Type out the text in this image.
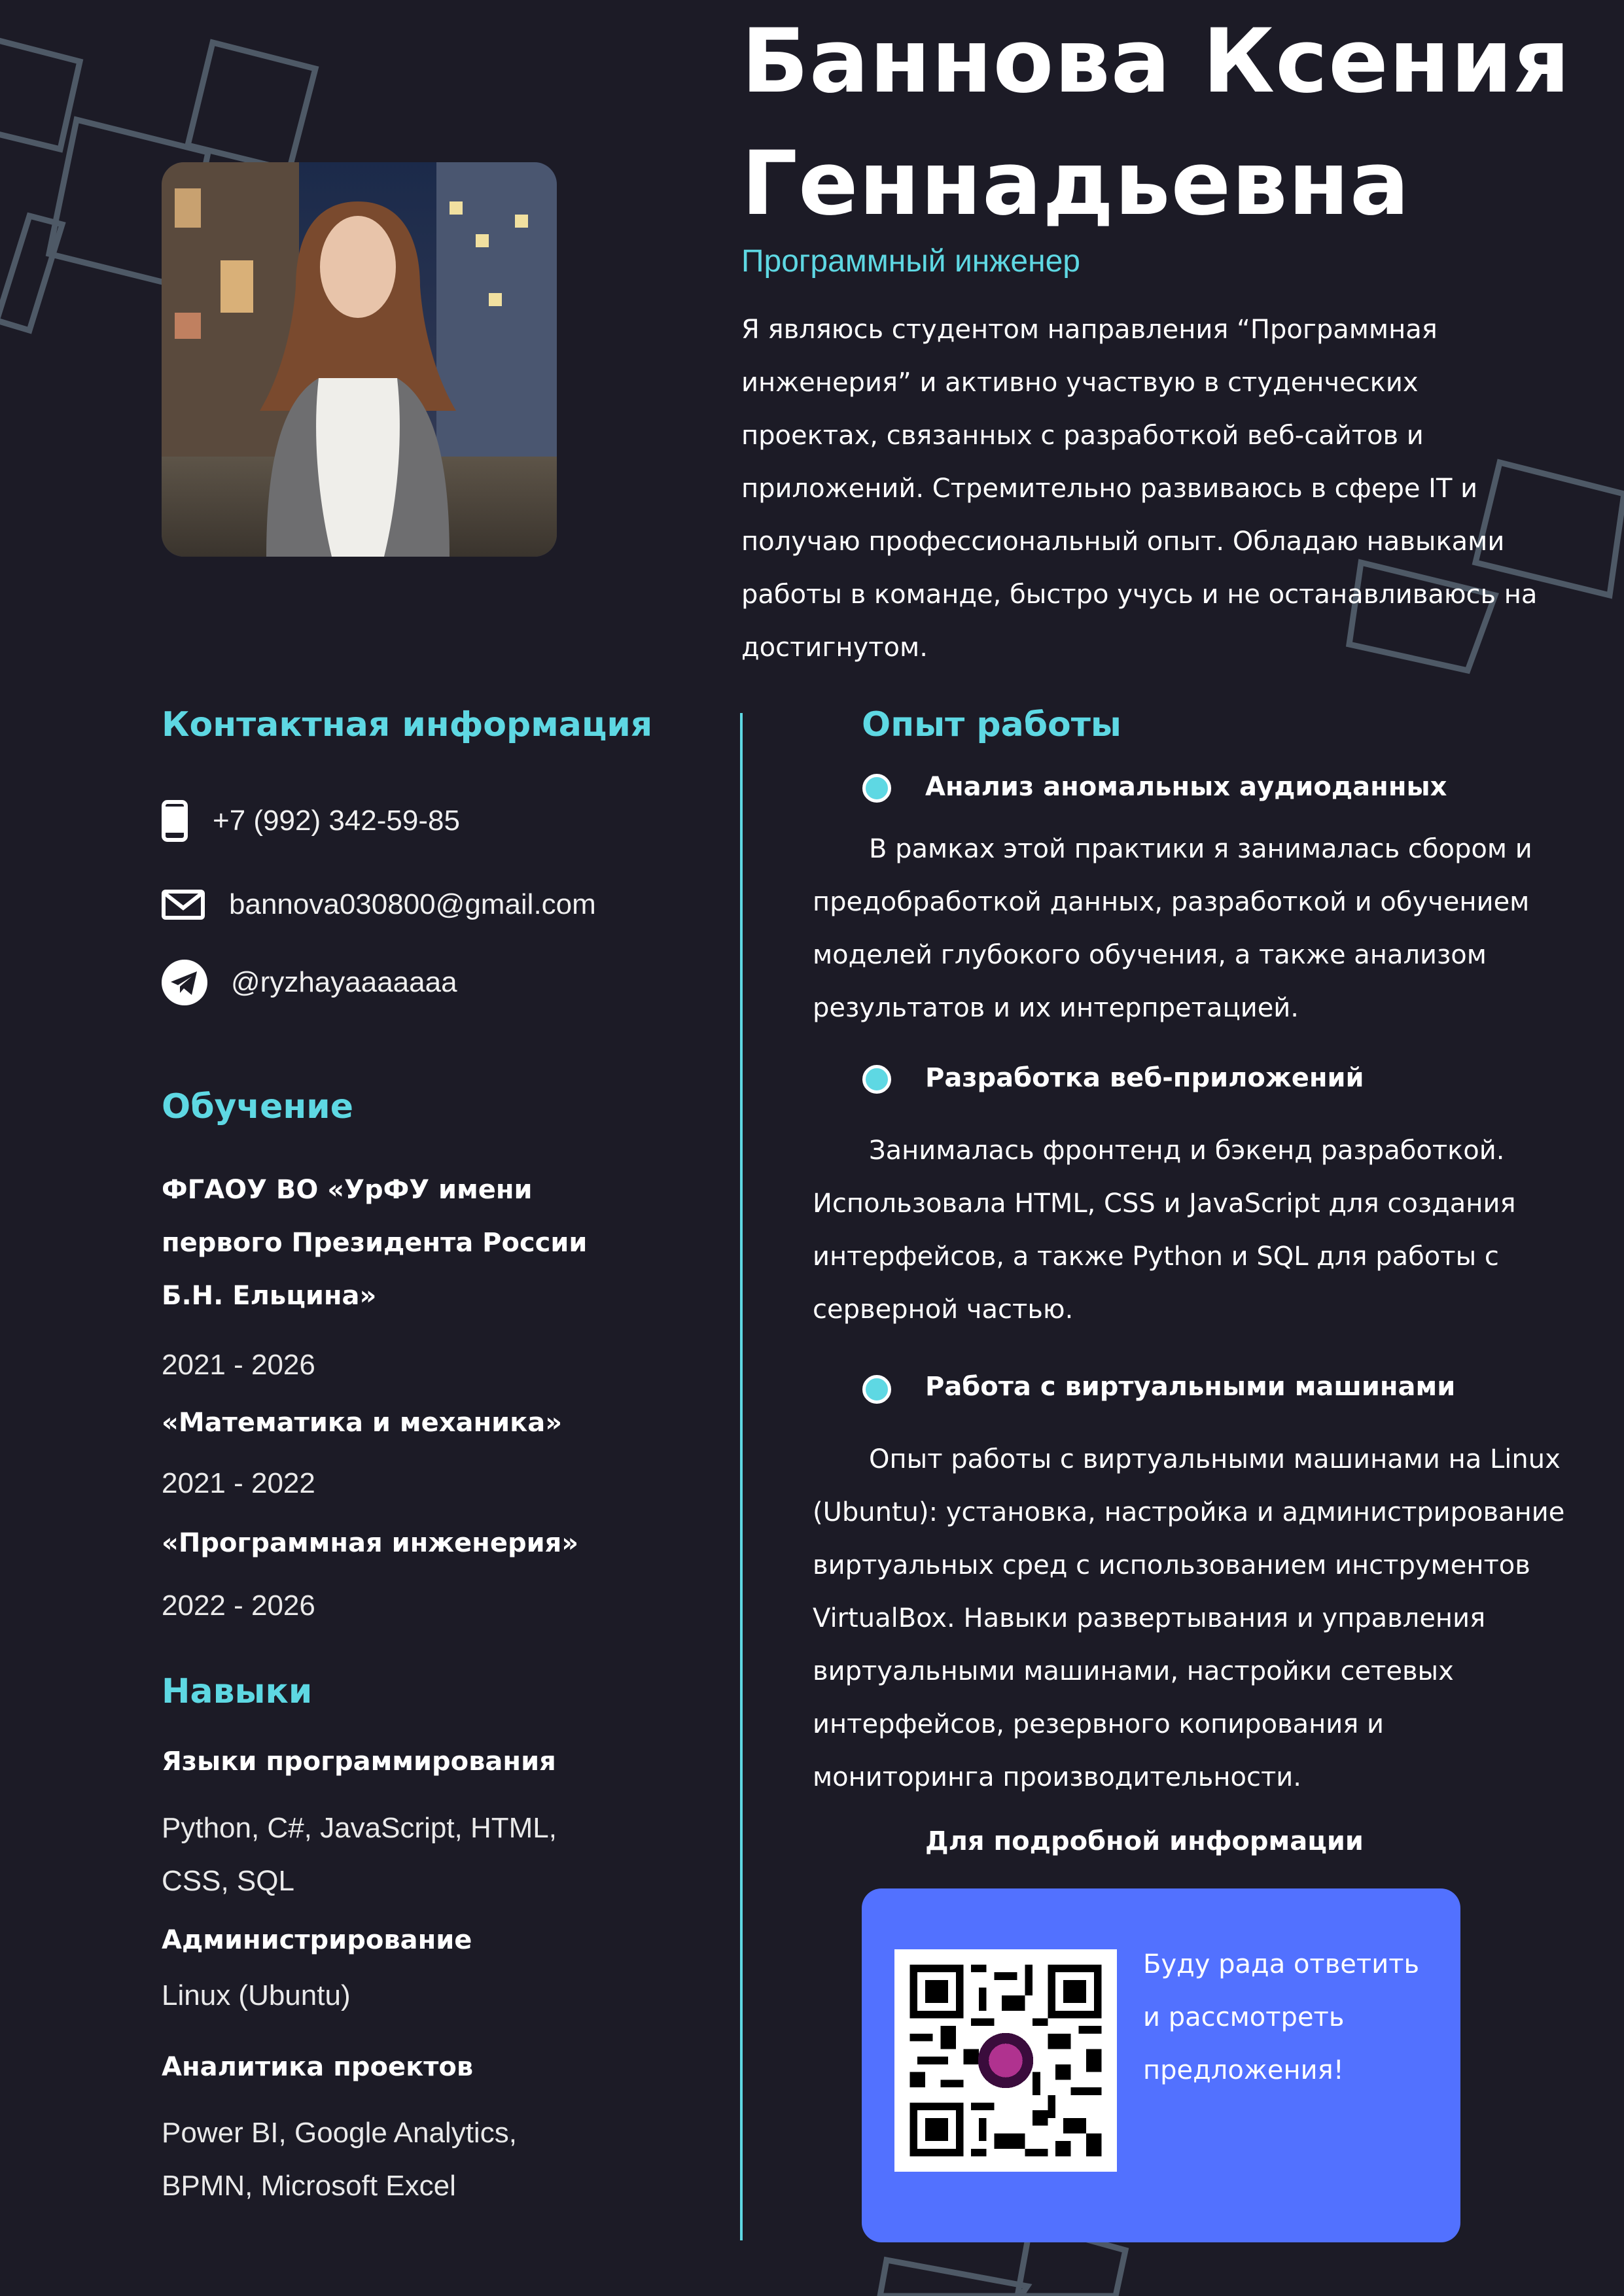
Баннова Ксения
Геннадьевна
Программный инженер
Я являюсь студентом направления “Программная инженерия” и активно участвую в студенческих проектах, связанных с разработкой веб-сайтов и приложений. Стремительно развиваюсь в сфере IT и получаю профессиональный опыт. Обладаю навыками работы в команде, быстро учусь и не останавливаюсь на достигнутом.
Контактная информация
+7 (992) 342-59-85
bannova030800@gmail.com
@ryzhayaaaaaaa
Обучение
ФГАОУ ВО «УрФУ имени первого Президента России Б.Н. Ельцина»
2021 - 2026
«Математика и механика»
2021 - 2022
«Программная инженерия»
2022 - 2026
Навыки
Языки программирования
Python, C#, JavaScript, HTML, CSS, SQL
Администрирование
Linux (Ubuntu)
Аналитика проектов
Power BI, Google Analytics, BPMN, Microsoft Excel
Опыт работы
Анализ аномальных аудиоданных
В рамках этой практики я занималась сбором и предобработкой данных, разработкой и обучением моделей глубокого обучения, а также анализом результатов и их интерпретацией.
Разработка веб-приложений
Занималась фронтенд и бэкенд разработкой. Использовала HTML, CSS и JavaScript для создания интерфейсов, а также Python и SQL для работы с серверной частью.
Работа с виртуальными машинами
Опыт работы с виртуальными машинами на Linux (Ubuntu): установка, настройка и администрирование виртуальных сред с использованием инструментов VirtualBox. Навыки развертывания и управления виртуальными машинами, настройки сетевых интерфейсов, резервного копирования и мониторинга производительности.
Для подробной информации
Буду рада ответить и рассмотреть предложения!
